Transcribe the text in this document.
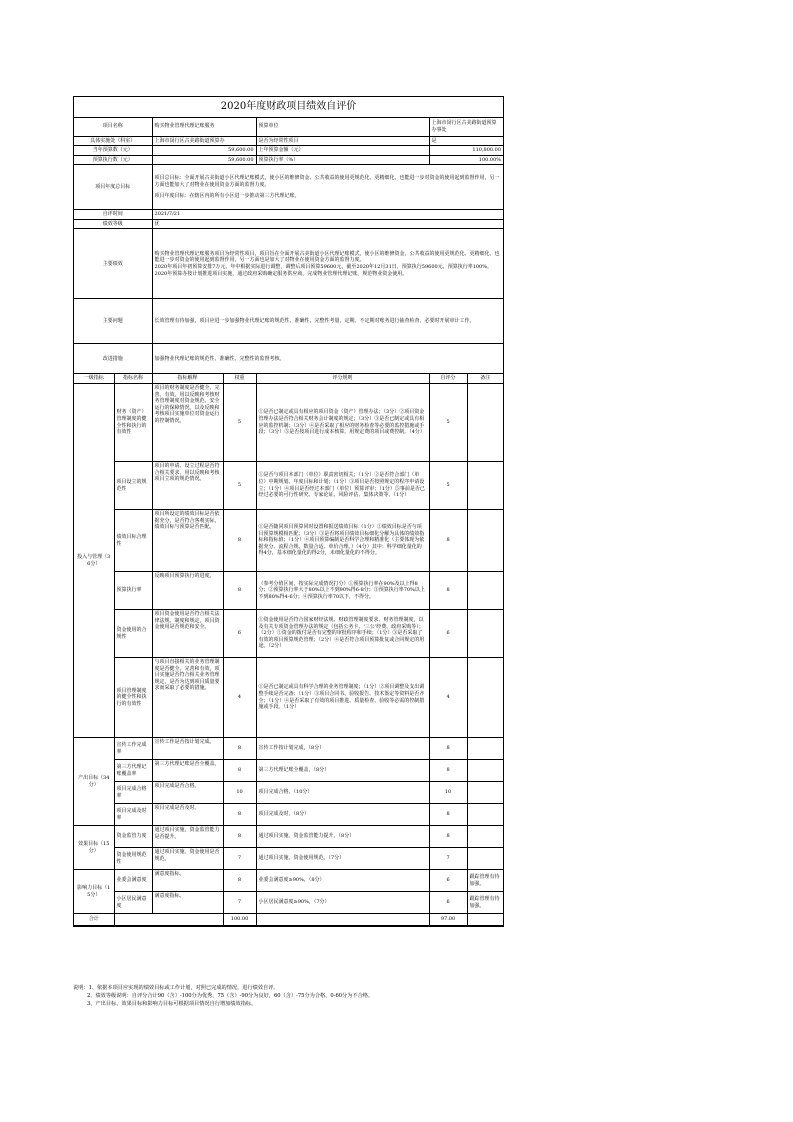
2020年度财政项目绩效自评价
项目名称		购买物业管理代理记账服务		预算单位	上海市闵行区古美路街道预算办事处	
具体实施处（科室）		上海市闵行区古美路街道预算办		是否为经常性项目	是	
当年预算数（元）		59,600.00		上年预算金额（元）	110,800.00	
预算执行数（元）		59,600.00		预算执行率（%）	100.00%	
项目年度总目标		项目总目标：全面开展古美街道小区代理记账模式，使小区的维修资金、公共收益的使用更规范化、更精细化、也能进一步对资金的使用起到监督作用，另一方面也能加大了对物业在使用资金方面的监督力度。
项目年度目标：在辖区内的所有小区进一步推动第三方代理记账。				

自评时间		2021/7/21				
绩效等级		优				
主要绩效		购买物业管理代理记账服务项目为经常性项目，项目旨在全面开展古美街道小区代理记账模式，使小区的维修资金、公共收益的使用更规范化、更精细化，也能进一步对资金的使用起到监督作用，另一方面也是加大了对物业在使用资金方面的监督力度。
2020年项目年初预算安排7万元，年中根据实际进行调整，调整后项目预算59600元，截至2020年12月31日，预算执行59600元，预算执行率100%。
2020年预算办按计划推进项目实施，通过政府采购确定服务供应商，完成物业管理代理记账，规范物业资金使用。				

主要问题		长效管理有待加强，项目应进一步加强物业代理记账的规范性、准确性、完整性考量，定期、不定期对账务进行抽查检查，必要时开展审计工作。				
改进措施		加强物业代理记账的规范性、准确性、完整性的监督考核。				
一级指标	指标名称	指标解释	权重	评分规则	自评分	备注
投入与管理（36分）	财务（资产）管理制度的健全性和执行的有效性	项目的财务制度是否健全、完善、有效，用以反映和考核财务管理制度对资金规范、安全运行的保障情况，以及反映和考核项目实施单位对资金运行的控制情况。	5	①是否已制定或具有相应的项目资金（资产）管理办法；（3分）②项目资金管理办法是否符合相关财务会计制度的规定；（3分）③是否已制定或具有相应的监控机制；（3分）④是否采取了相应的财务检查等必要的监控措施或手段；（3分）⑤是否按项目进行成本核算，用规定费的项目或费控制。（4分）	5	
	项目设立的规范性	项目的申请、设立过程是否符合相关要求，用以反映和考核项目立项的规范情况。	5	①是否与项目本部门（单位）职责密切相关；（1分）②是否符合部门（单位）中期规划、年度目标和计划；（1分）③项目是否按照规定的程序申请设立；（1分）④项目是否经过本部门（单位）预算评审；（1分）⑤事前是否已经过必要的可行性研究、专家论证、风险评估、集体决策等。（1分）	5	
	绩效目标合理性	项目所设定的绩效目标是否依据充分，是否符合客观实际，绩效目标与预算是否匹配。	8	①是否随同项目预算同时设置和报送绩效目标（1分）②绩效目标是否与项目预算规模相匹配；（3分）③是否将项目绩效目标细化分解为具体的绩效指标和指标值；（1分）④项目预算编制是否科学合理和精准化（主要体现为依据充分、流程合规、数量合适、单价合理。）（4分）其中：科学细化量化的得4分，基本细化量化的得2分，未细化量化的不得分。	8	
	预算执行率	反映项目预算执行的进度。	8	（参考分值区间，按实际完成情况打分）①预算执行率在90%及以上得8分；②预算执行率大于80%以上不到90%得6-8分；③预算执行率70%以上不到80%得4-6分；④预算执行率70以下，不得分。	8	
	资金使用的合规性	项目资金使用是否符合相关法律法规、制度和规定，项目资金使用是否规范和安全。	6	①资金使用是否符合国家财经法规、财政管理制度要求、财务管理制度，以及有关专项资金管理办法的规定（包括公务卡、'三公'经费、政府采购等）；（2分）②资金的拨付是否有完整的审批程序和手续；（1分）③是否采取了有效的项目预算规范管理；（2分）④是否符合项目预算批复或合同规定的用途。（2分）	6	
	项目管理制度的健全性和执行的有效性	与项目直接相关的业务管理制度是否健全、完善和有效，项目实施是否符合相关业务管理规定，是否为达到项目质量要求而采取了必要的措施。	4	①是否已制定或具有科学合理的业务管理制度；（1分）②项目调整及支出调整手续是否完备；（1分）③项目合同书、验收报告、技术鉴定等资料是否齐全；（1分）④是否采取了有效的项目推进、质量检查、验收等必需的控制措施或手段。（1分）	4	
产出目标（34分）	宣传工作完成率	宣传工作是否按计划完成。	8	宣传工作按计划完成，（8分）	8	
	第三方代理记账覆盖率	第三方代理记账是否全覆盖。	8	第三方代理记账全覆盖，（8分）	8	
	项目完成合格率	项目完成是否合格。	10	项目完成合格，（10分）	10	
	项目完成及时率	项目完成是否及时。	8	项目完成及时，（8分）	8	
效果目标（15分）	资金监管力度	通过项目实施，资金监管能力是否提升。	8	通过项目实施，资金监管能力提升，（8分）	8	
	资金使用规范性	通过项目实施，资金使用是否规范。	7	通过项目实施，资金使用规范。（7分）	7	
影响力目标（15分）	业委会满意度	满意度指标。	8	业委会满意度≥90%，（8分）	6	跟踪管理有待加强。
	小区居民满意度	满意度指标。	7	小区居民满意度≥90%，（7分）	6	跟踪管理有待加强。
合计			100.00		97.00	
说明：1、依据本项目应实现的绩效目标或工作计划，对照已完成的情况，进行绩效自评。
2、绩效等级说明：自评分合计90（含）-100分为优秀，75（含）-90分为良好，60（含）-75分为合格，0-60分为不合格。
3、产出目标、效果目标和影响力目标可根据项目情况自行增加绩效指标。
